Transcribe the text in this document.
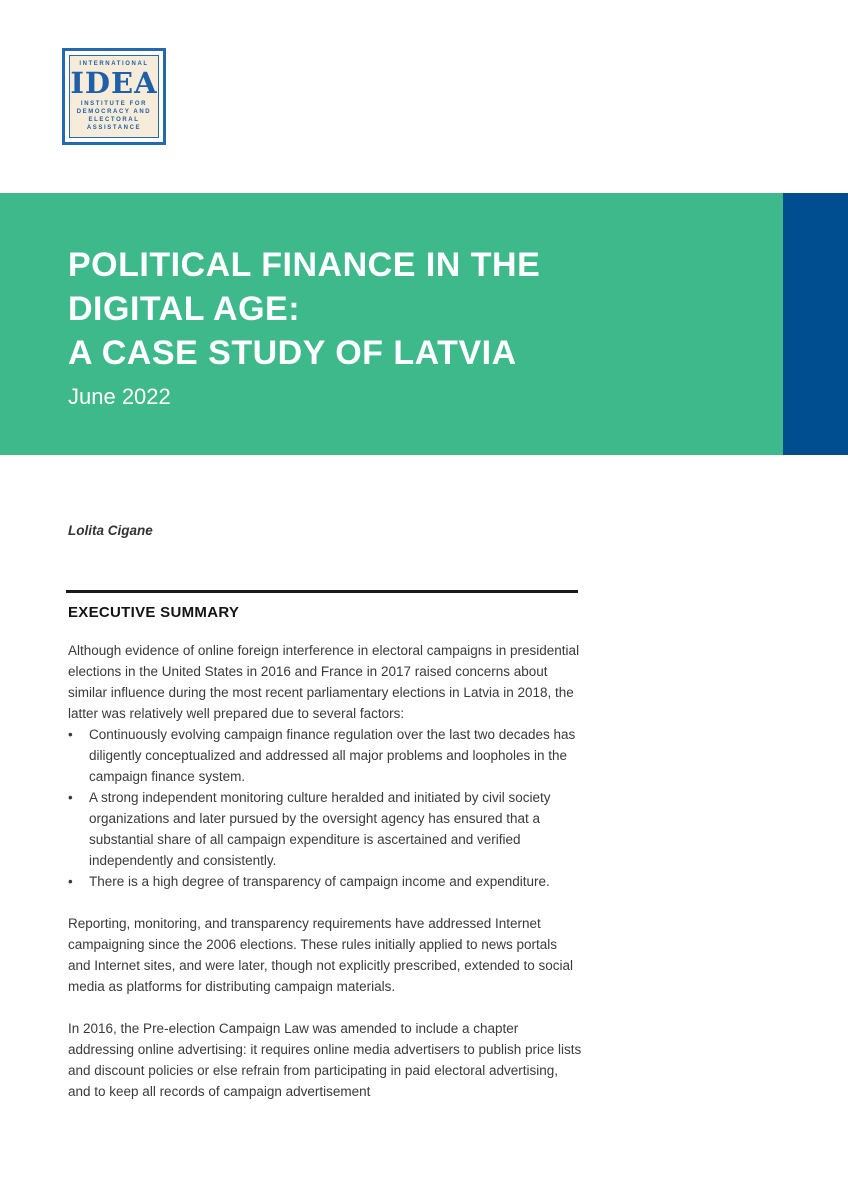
INTERNATIONAL
IDEA
INSTITUTE FOR
DEMOCRACY AND
ELECTORAL
ASSISTANCE
POLITICAL FINANCE IN THE
DIGITAL AGE:
A CASE STUDY OF LATVIA
June 2022
Lolita Cigane
EXECUTIVE SUMMARY

Although evidence of online foreign interference in electoral campaigns in presidential elections in the United States in 2016 and France in 2017 raised concerns about similar influence during the most recent parliamentary elections in Latvia in 2018, the latter was relatively well prepared due to several factors:

•	Continuously evolving campaign finance regulation over the last two decades has diligently conceptualized and addressed all major problems and loopholes in the campaign finance system.
•	A strong independent monitoring culture heralded and initiated by civil society organizations and later pursued by the oversight agency has ensured that a substantial share of all campaign expenditure is ascertained and verified independently and consistently.
•	There is a high degree of transparency of campaign income and expenditure.

Reporting, monitoring, and transparency requirements have addressed Internet campaigning since the 2006 elections. These rules initially applied to news portals and Internet sites, and were later, though not explicitly prescribed, extended to social media as platforms for distributing campaign materials.

In 2016, the Pre-election Campaign Law was amended to include a chapter addressing online advertising: it requires online media advertisers to publish price lists and discount policies or else refrain from participating in paid electoral advertising, and to keep all records of campaign advertisement
